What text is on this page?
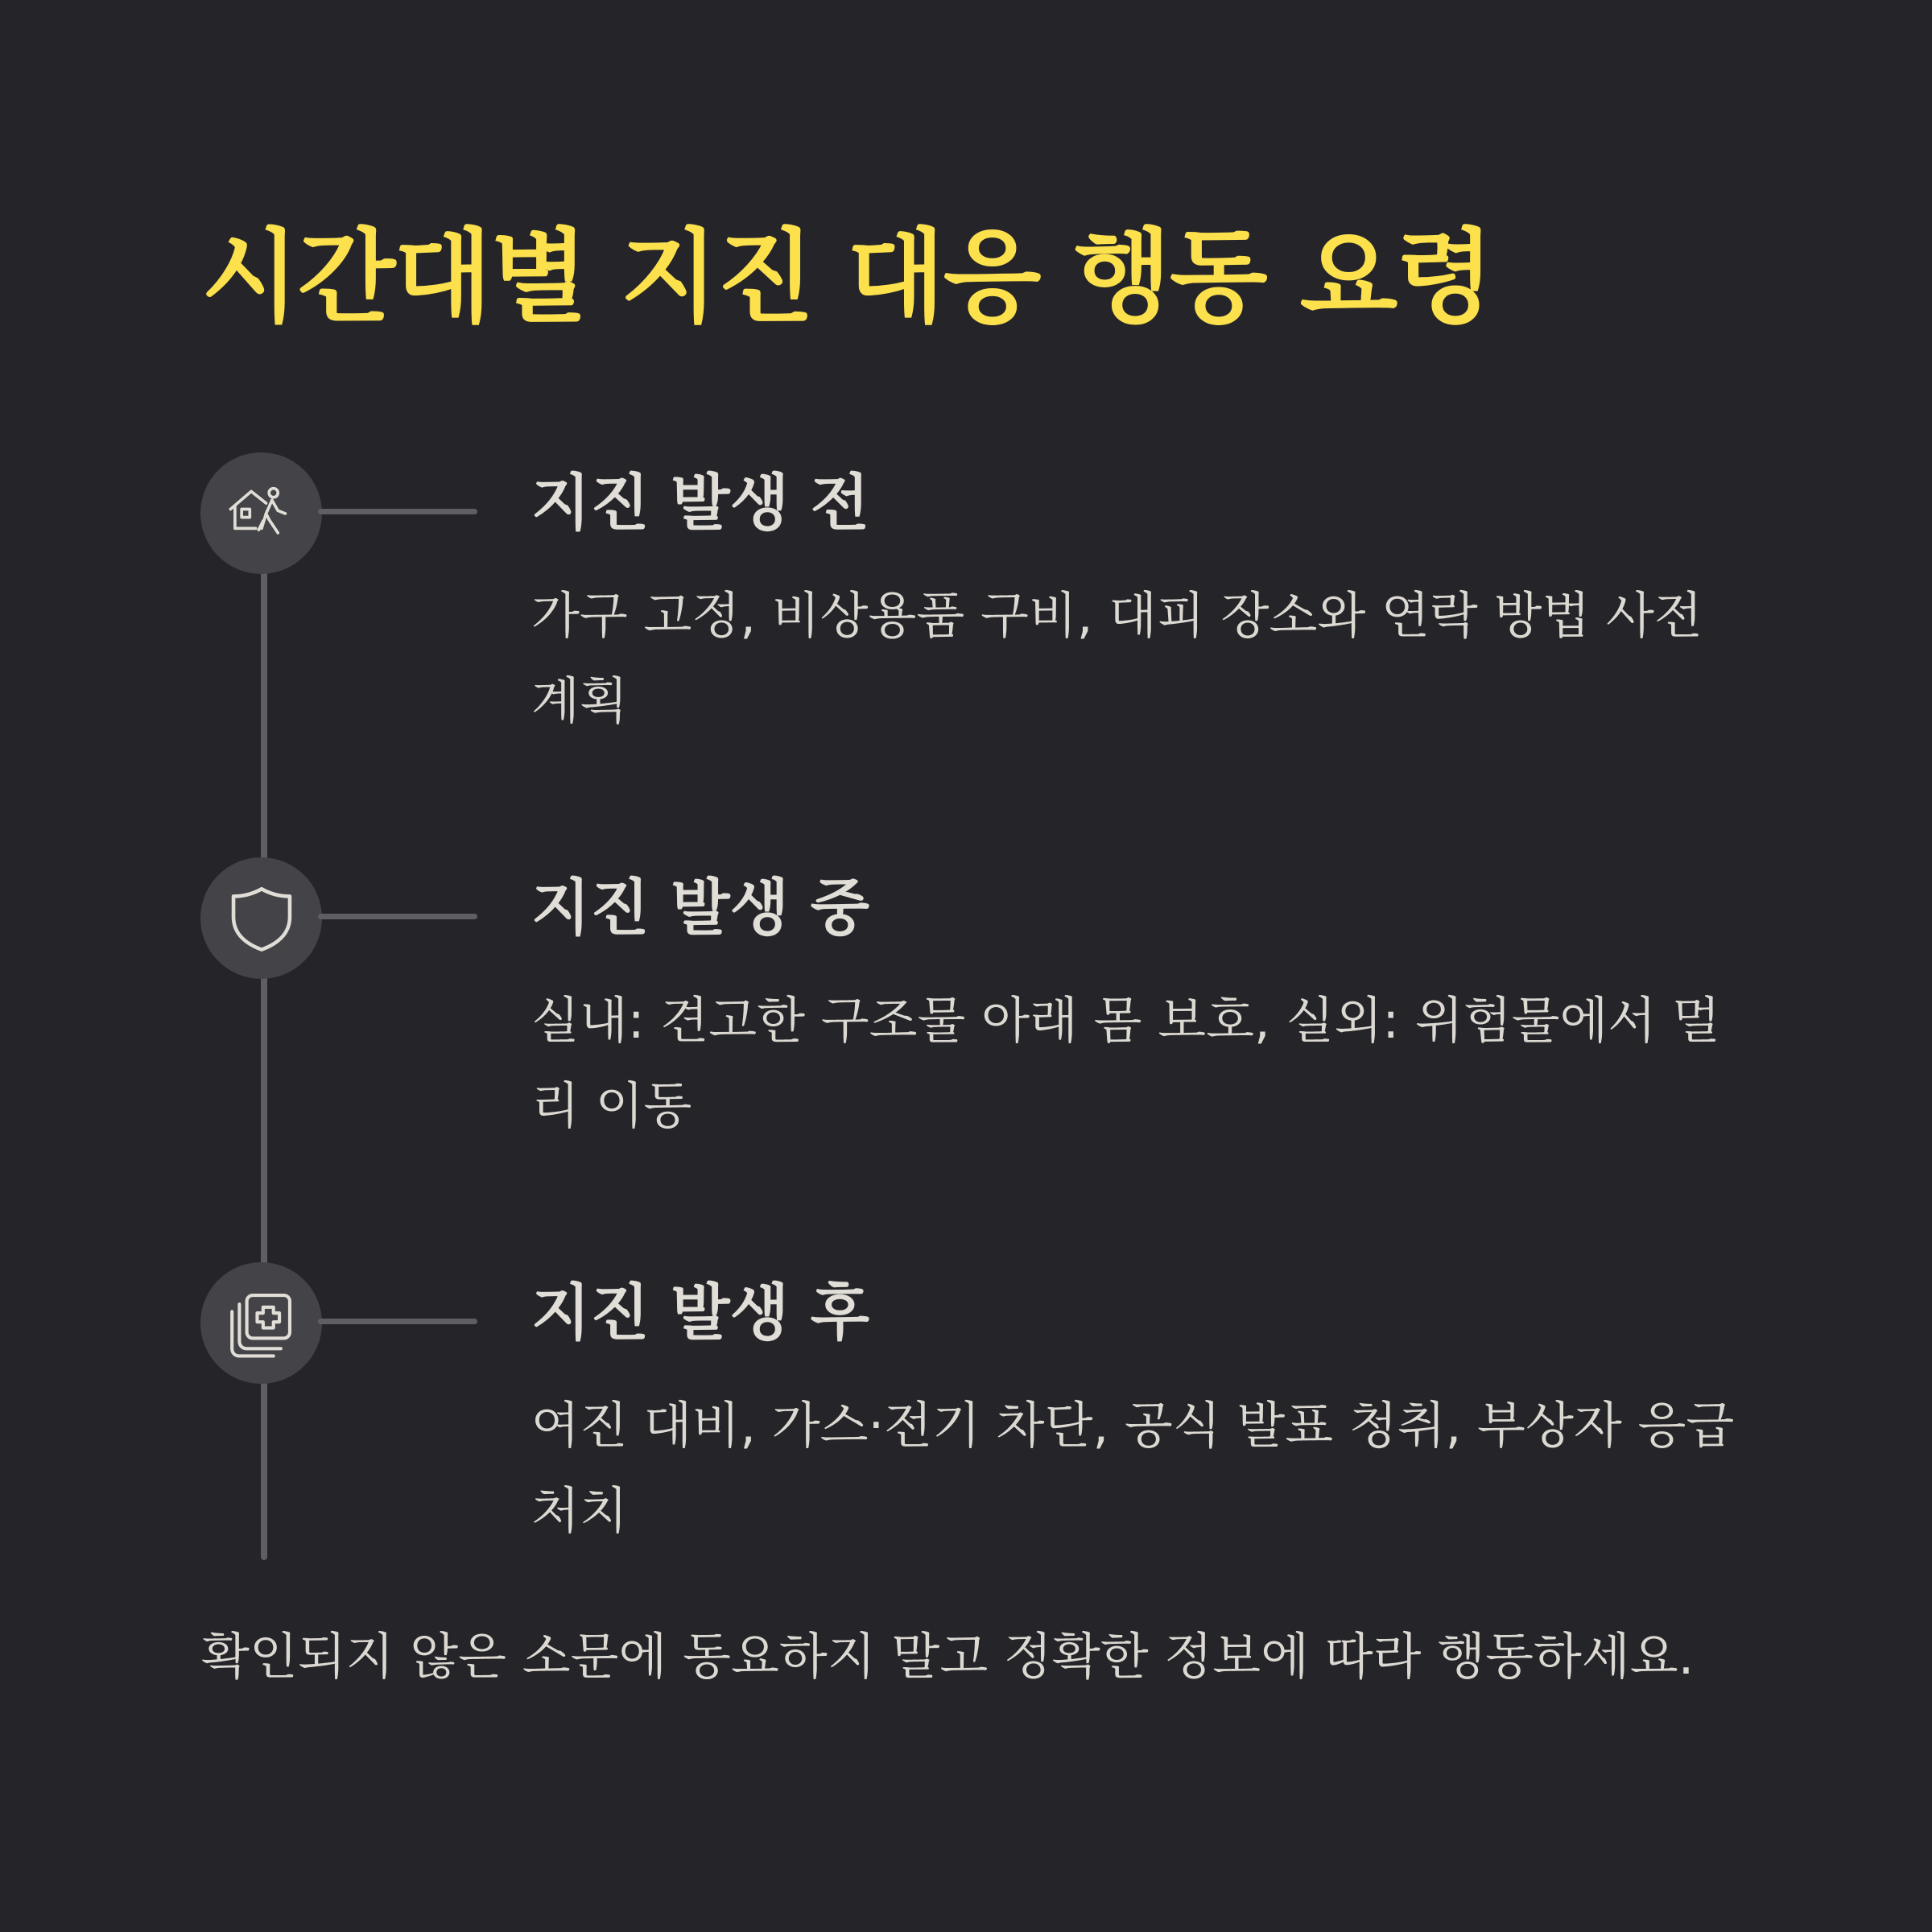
시간대별 지진 대응 행동 요령
지진 발생 전

가구 고정, 비상용품 구비, 대피 장소와 연락 방법 사전 계획

지진 발생 중

실내: 견고한 구조물 아래 몸 보호, 실외: 위험물에서 멀리 이동

지진 발생 후

여진 대비, 가스·전기 차단, 공식 발표 청취, 부상자 응급처치

확인되지 않은 소문에 동요하지 말고 정확한 정보에 따라 행동하세요.
